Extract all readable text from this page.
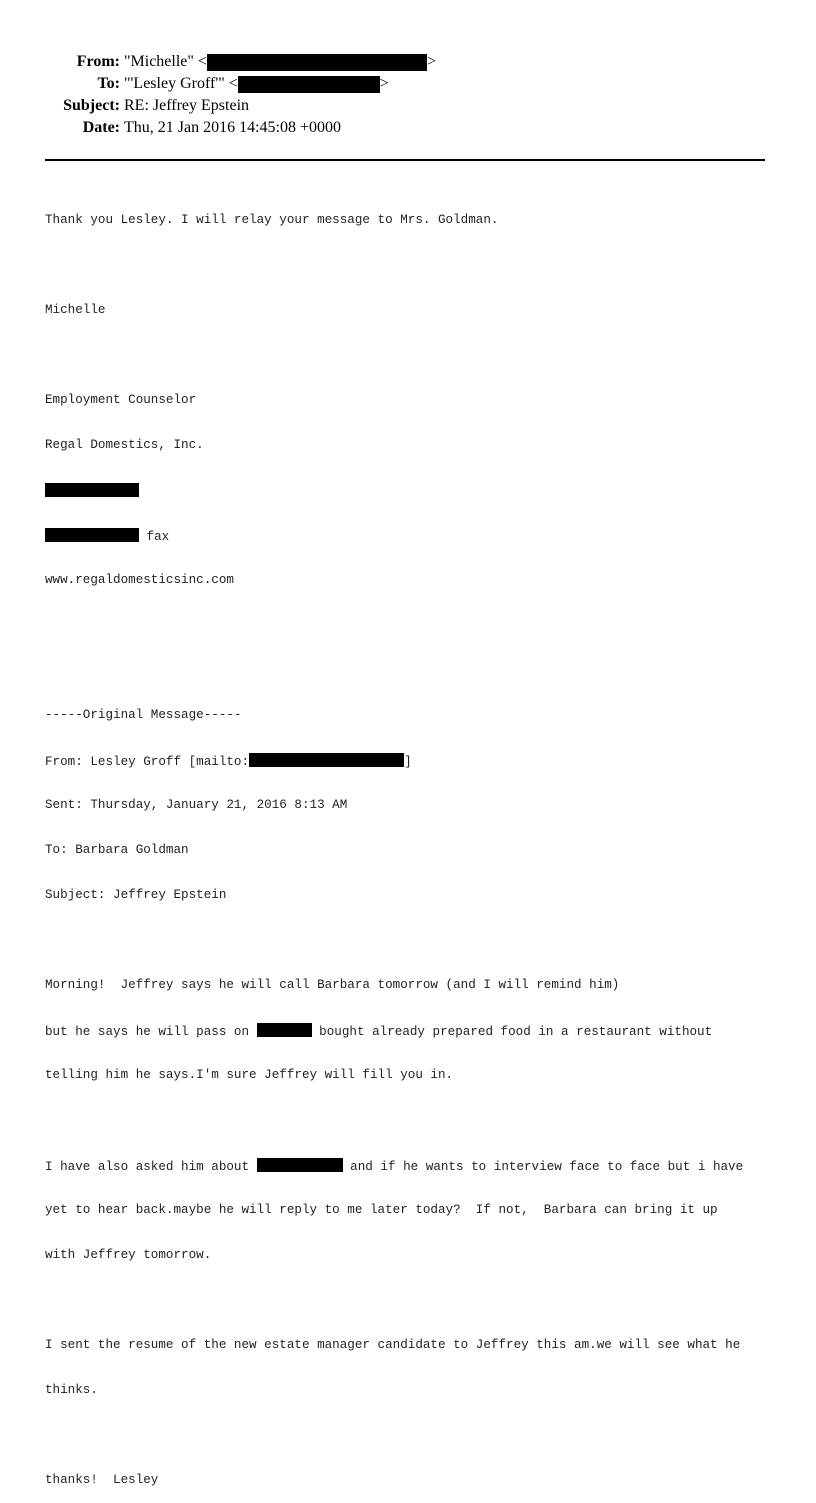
From: "Michelle" <	>
To: "'Lesley Groff'" <	>
Subject: RE: Jeffrey Epstein
Date: Thu, 21 Jan 2016 14:45:08 +0000

Thank you Lesley. I will relay your message to Mrs. Goldman.

Michelle

Employment Counselor

Regal Domestics, Inc.

fax

www.regaldomesticsinc.com

-----Original Message-----

From: Lesley Groff [mailto:	]

Sent: Thursday, January 21, 2016 8:13 AM

To: Barbara Goldman

Subject: Jeffrey Epstein

Morning!  Jeffrey says he will call Barbara tomorrow (and I will remind him)

but he says he will pass on	bought already prepared food in a restaurant without

telling him he says.I'm sure Jeffrey will fill you in.

I have also asked him about	and if he wants to interview face to face but i have

yet to hear back.maybe he will reply to me later today?  If not,  Barbara can bring it up

with Jeffrey tomorrow.

I sent the resume of the new estate manager candidate to Jeffrey this am.we will see what he

thinks.

thanks!  Lesley
